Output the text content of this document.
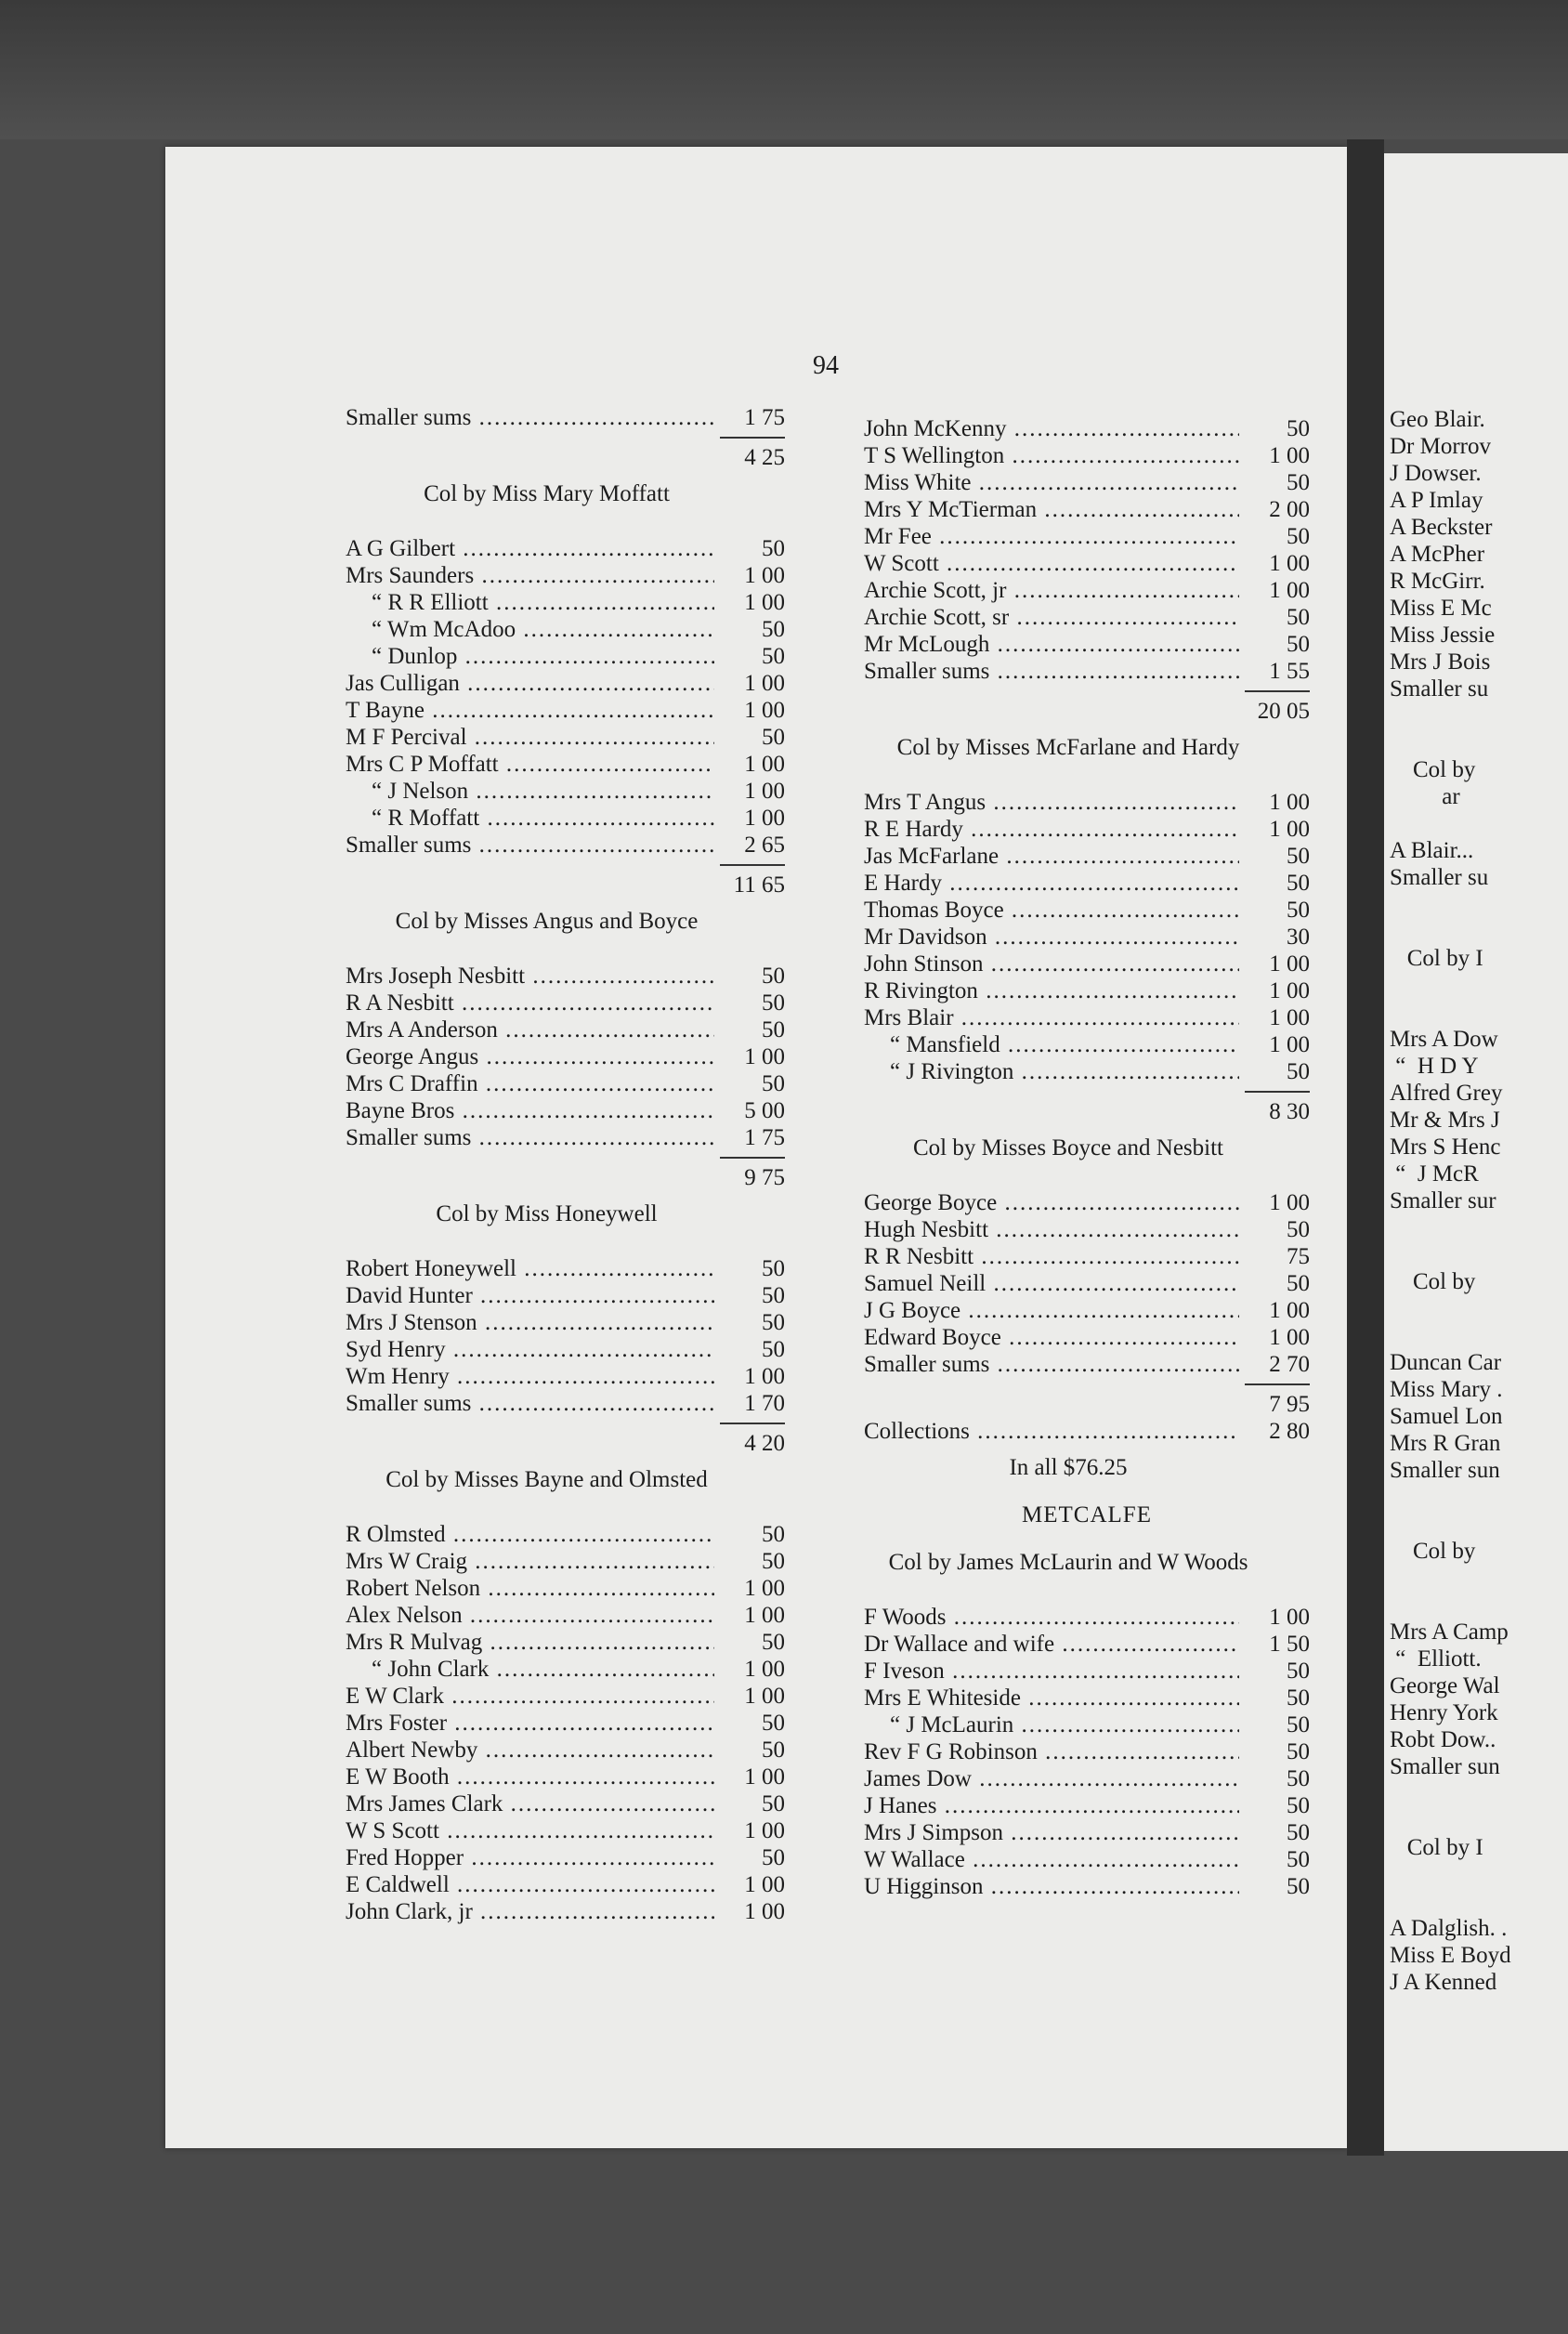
Geo Blair.
Dr Morrov
J Dowser.
A P Imlay
A Beckster
A McPher
R McGirr.
Miss E Mc
Miss Jessie
Mrs J Bois
Smaller su
Col by
ar
A Blair...
Smaller su
Col by I
Mrs A Dow
“  H D Y
Alfred Grey
Mr & Mrs J
Mrs S Henc
“  J McR
Smaller sur
Col by
Duncan Car
Miss Mary .
Samuel Lon
Mrs R Gran
Smaller sun
Col by
Mrs A Camp
“  Elliott.
George Wal
Henry York
Robt Dow..
Smaller sun
Col by I
A Dalglish. .
Miss E Boyd
J A Kenned
94
Smaller sums .....	1 75
4 25
Col by Miss Mary Moffatt
A G Gilbert .....	50
Mrs Saunders .....	1 00
“ R R Elliott .....	1 00
“ Wm McAdoo .....	50
“ Dunlop .....	50
Jas Culligan .....	1 00
T Bayne .....	1 00
M F Percival .....	50
Mrs C P Moffatt .....	1 00
“ J Nelson .....	1 00
“ R Moffatt .....	1 00
Smaller sums .....	2 65
11 65
Col by Misses Angus and Boyce
Mrs Joseph Nesbitt .....	50
R A Nesbitt .....	50
Mrs A Anderson .....	50
George Angus .....	1 00
Mrs C Draffin .....	50
Bayne Bros .....	5 00
Smaller sums .....	1 75
9 75
Col by Miss Honeywell
Robert Honeywell .....	50
David Hunter .....	50
Mrs J Stenson .....	50
Syd Henry .....	50
Wm Henry .....	1 00
Smaller sums .....	1 70
4 20
Col by Misses Bayne and Olmsted
R Olmsted .....	50
Mrs W Craig .....	50
Robert Nelson .....	1 00
Alex Nelson .....	1 00
Mrs R Mulvag .....	50
“ John Clark .....	1 00
E W Clark .....	1 00
Mrs Foster .....	50
Albert Newby .....	50
E W Booth .....	1 00
Mrs James Clark .....	50
W S Scott .....	1 00
Fred Hopper .....	50
E Caldwell .....	1 00
John Clark, jr .....	1 00
John McKenny .....	50
T S Wellington .....	1 00
Miss White .....	50
Mrs Y McTierman .....	2 00
Mr Fee .....	50
W Scott .....	1 00
Archie Scott, jr .....	1 00
Archie Scott, sr .....	50
Mr McLough .....	50
Smaller sums .....	1 55
20 05
Col by Misses McFarlane and Hardy
Mrs T Angus .....	1 00
R E Hardy .....	1 00
Jas McFarlane .....	50
E Hardy .....	50
Thomas Boyce .....	50
Mr Davidson .....	30
John Stinson .....	1 00
R Rivington .....	1 00
Mrs Blair .....	1 00
“ Mansfield .....	1 00
“ J Rivington .....	50
8 30
Col by Misses Boyce and Nesbitt
George Boyce .....	1 00
Hugh Nesbitt .....	50
R R Nesbitt .....	75
Samuel Neill .....	50
J G Boyce .....	1 00
Edward Boyce .....	1 00
Smaller sums .....	2 70
7 95
Collections .....	2 80
In all $76.25
METCALFE
Col by James McLaurin and W Woods
F Woods .....	1 00
Dr Wallace and wife .....	1 50
F Iveson .....	50
Mrs E Whiteside .....	50
“ J McLaurin .....	50
Rev F G Robinson .....	50
James Dow .....	50
J Hanes .....	50
Mrs J Simpson .....	50
W Wallace .....	50
U Higginson .....	50
